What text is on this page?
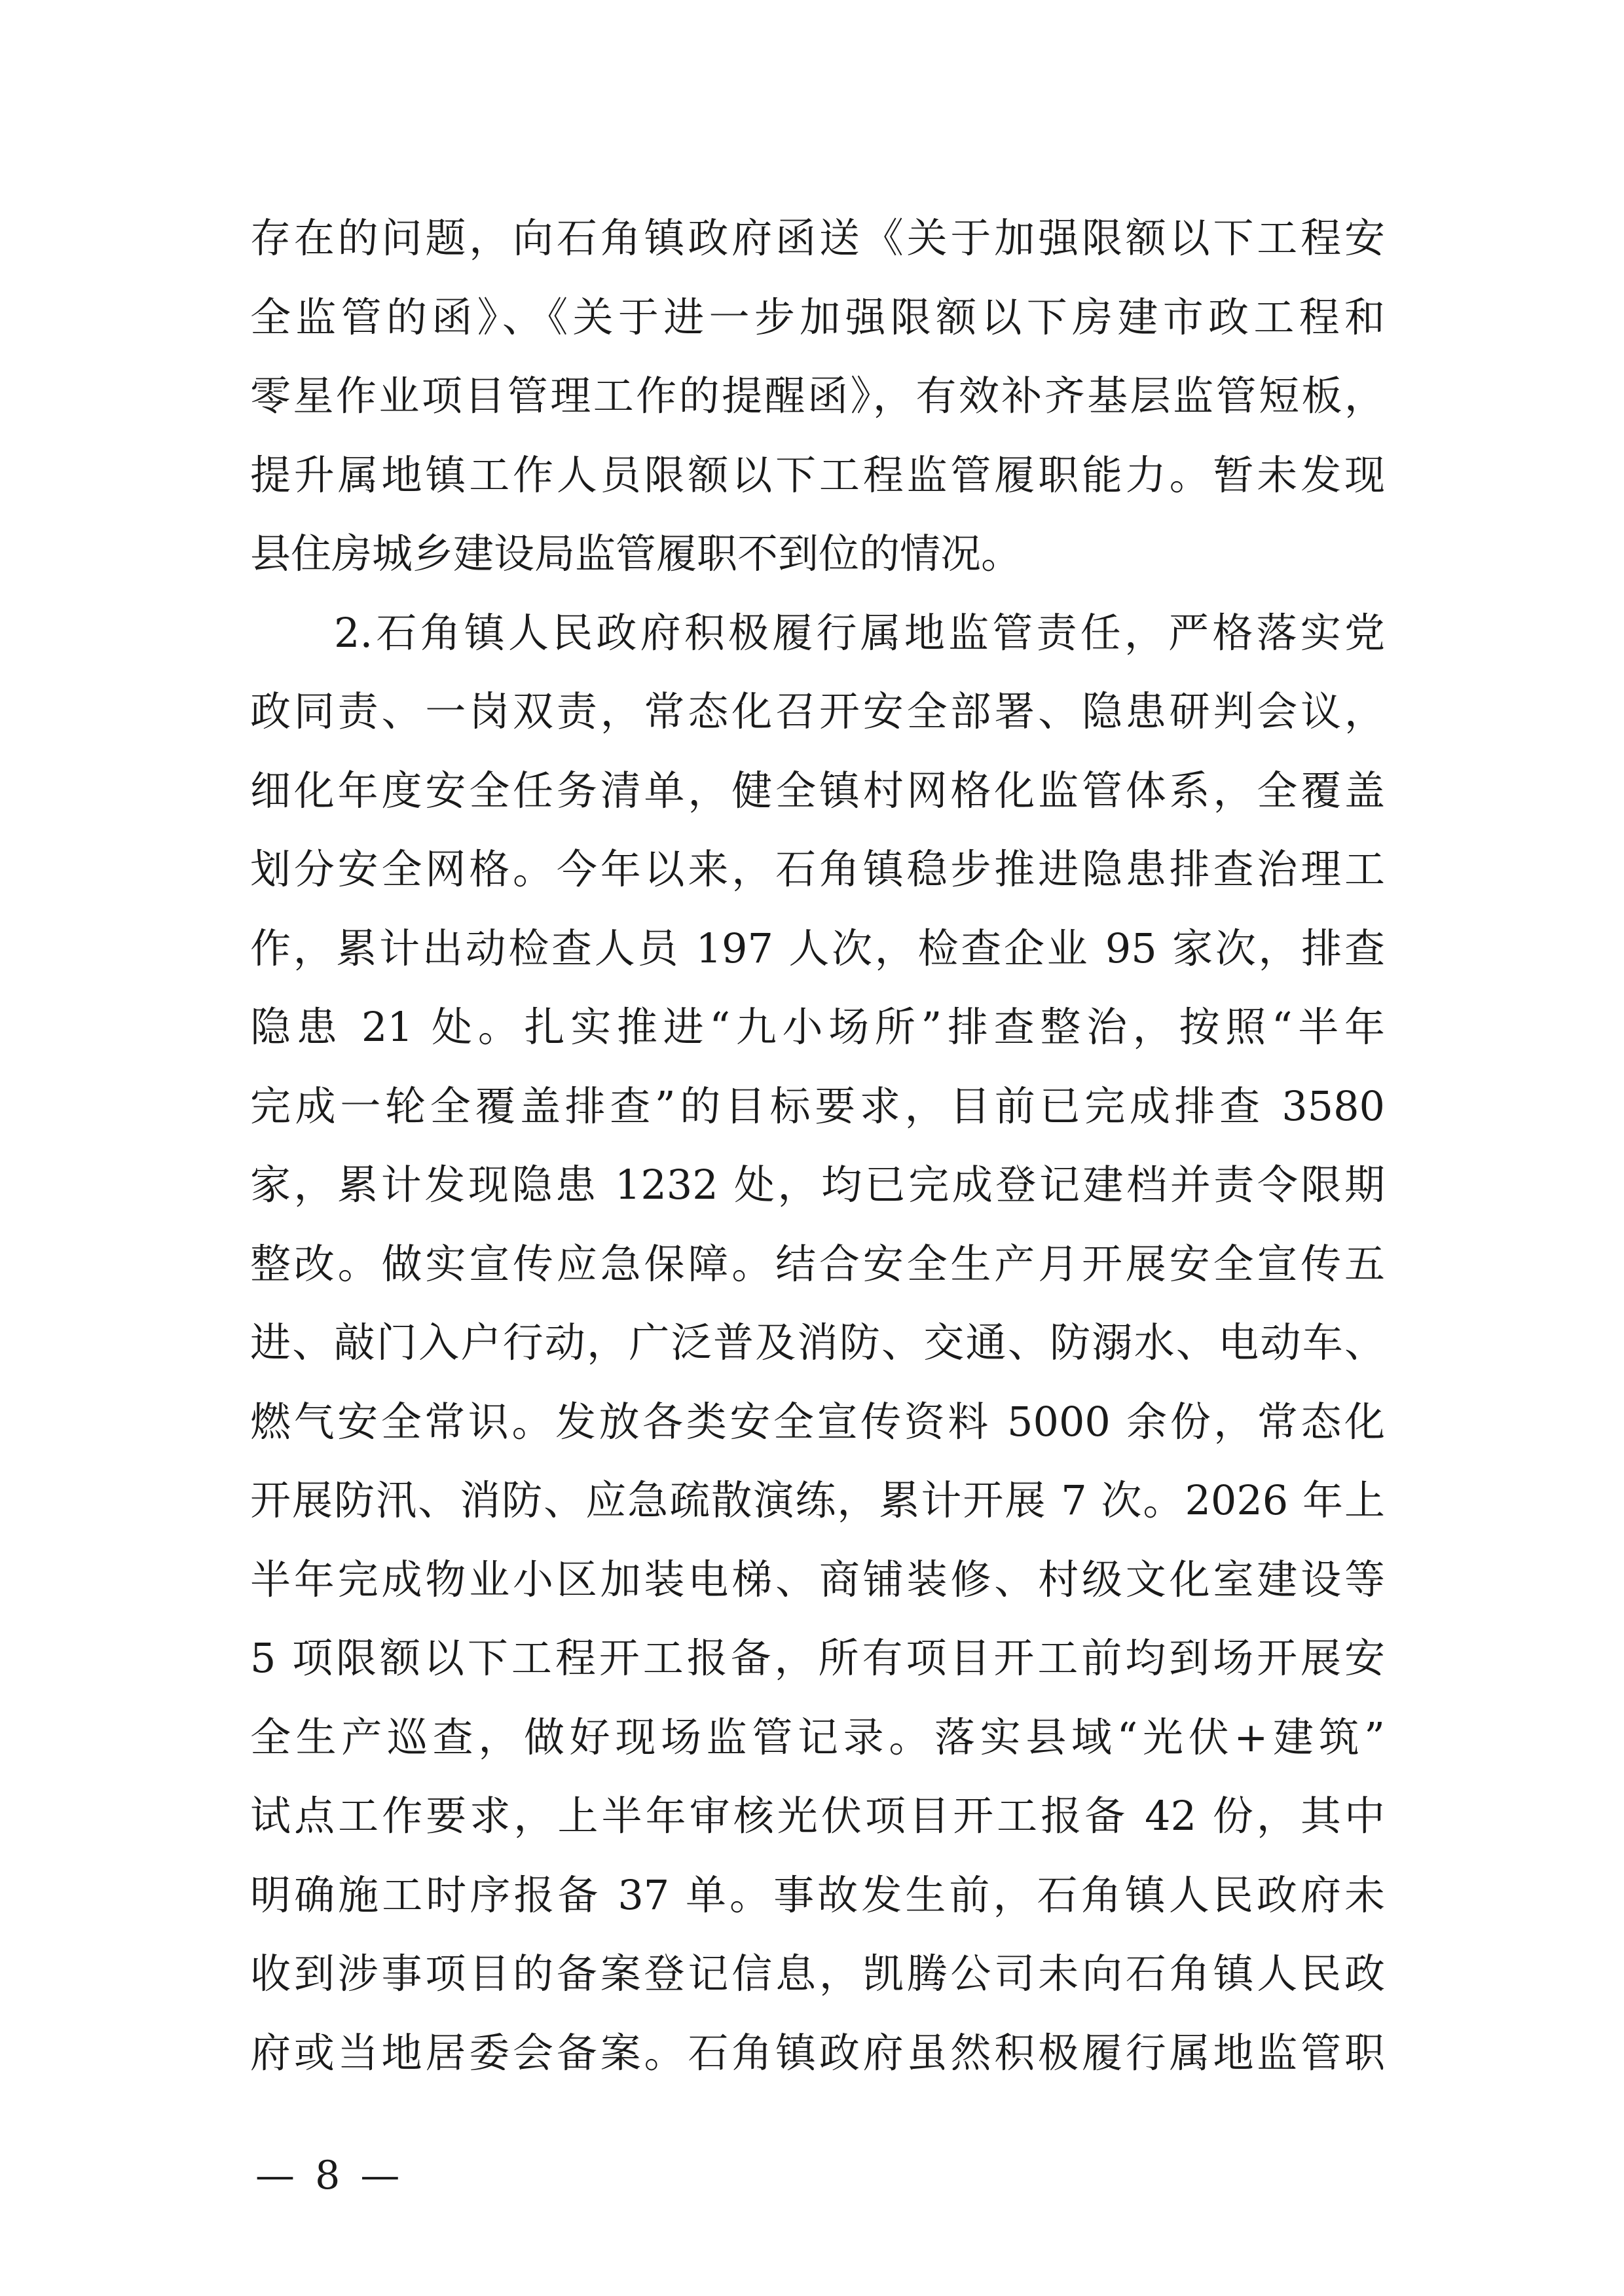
存在的问题，向石角镇政府函送《关于加强限额以下工程安
全监管的函》、《关于进一步加强限额以下房建市政工程和
零星作业项目管理工作的提醒函》，有效补齐基层监管短板，
提升属地镇工作人员限额以下工程监管履职能力。暂未发现
县住房城乡建设局监管履职不到位的情况。
2.石角镇人民政府积极履行属地监管责任，严格落实党
政同责、一岗双责，常态化召开安全部署、隐患研判会议，
细化年度安全任务清单，健全镇村网格化监管体系，全覆盖
划分安全网格。今年以来，石角镇稳步推进隐患排查治理工
作，累计出动检查人员 197 人次，检查企业 95 家次，排查
隐患 21 处。扎实推进“九小场所”排查整治，按照“半年
完成一轮全覆盖排查”的目标要求，目前已完成排查 3580
家，累计发现隐患 1232 处，均已完成登记建档并责令限期
整改。做实宣传应急保障。结合安全生产月开展安全宣传五
进、敲门入户行动，广泛普及消防、交通、防溺水、电动车、
燃气安全常识。发放各类安全宣传资料 5000 余份，常态化
开展防汛、消防、应急疏散演练，累计开展 7 次。2026 年上
半年完成物业小区加装电梯、商铺装修、村级文化室建设等
5 项限额以下工程开工报备，所有项目开工前均到场开展安
全生产巡查，做好现场监管记录。落实县域“光伏+建筑”
试点工作要求，上半年审核光伏项目开工报备 42 份，其中
明确施工时序报备 37 单。事故发生前，石角镇人民政府未
收到涉事项目的备案登记信息，凯腾公司未向石角镇人民政
府或当地居委会备案。石角镇政府虽然积极履行属地监管职
— 8 —
